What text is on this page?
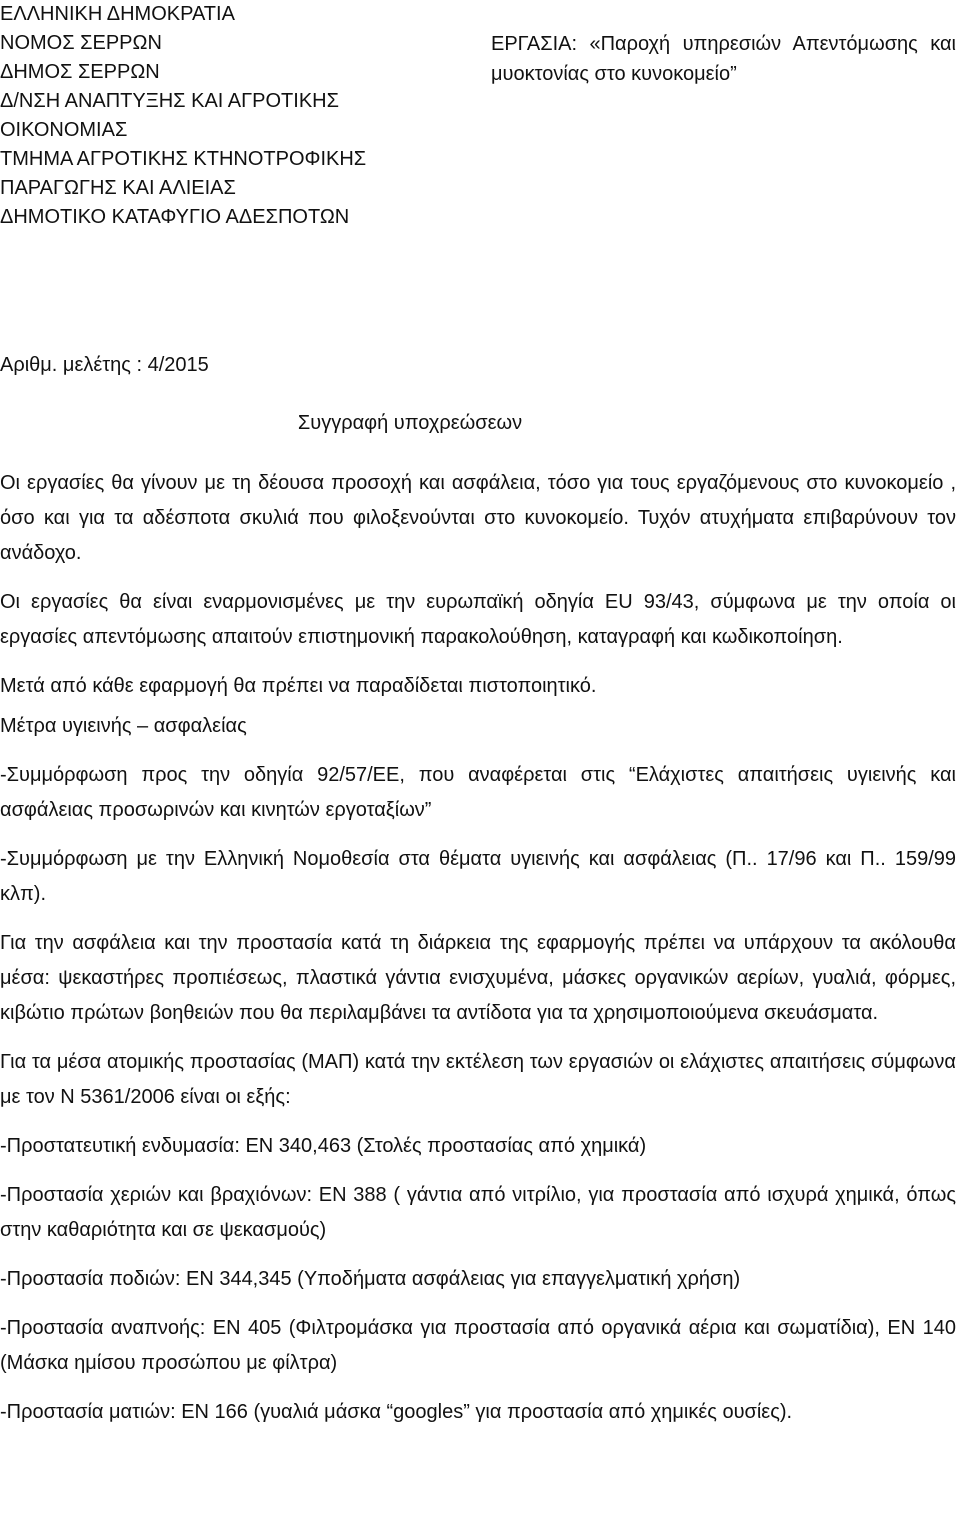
ΕΛΛΗΝΙΚΗ ΔΗΜΟΚΡΑΤΙΑ
ΝΟΜΟΣ ΣΕΡΡΩΝ
ΔΗΜΟΣ ΣΕΡΡΩΝ
Δ/ΝΣΗ ΑΝΑΠΤΥΞΗΣ ΚΑΙ ΑΓΡΟΤΙΚΗΣ
ΟΙΚΟΝΟΜΙΑΣ
ΤΜΗΜΑ ΑΓΡΟΤΙΚΗΣ ΚΤΗΝΟΤΡΟΦΙΚΗΣ
ΠΑΡΑΓΩΓΗΣ ΚΑΙ ΑΛΙΕΙΑΣ
ΔΗΜΟΤΙΚΟ ΚΑΤΑΦΥΓΙΟ ΑΔΕΣΠΟΤΩΝ
ΕΡΓΑΣΙΑ: «Παροχή υπηρεσιών Απεντόμωσης και μυοκτονίας στο κυνοκομείο”
Αριθμ. μελέτης : 4/2015
Συγγραφή υποχρεώσεων

Οι εργασίες θα γίνουν με τη δέουσα προσοχή και ασφάλεια, τόσο για τους εργαζόμενους στο κυνοκομείο , όσο και για τα αδέσποτα σκυλιά που φιλοξενούνται στο κυνοκομείο. Τυχόν ατυχήματα επιβαρύνουν τον ανάδοχο.

Οι εργασίες θα είναι εναρμονισμένες με την ευρωπαϊκή οδηγία EU 93/43, σύμφωνα με την οποία οι εργασίες απεντόμωσης απαιτούν επιστημονική παρακολούθηση, καταγραφή και κωδικοποίηση.

Μετά από κάθε εφαρμογή θα πρέπει να παραδίδεται πιστοποιητικό.

Μέτρα υγιεινής – ασφαλείας

-Συμμόρφωση προς την οδηγία 92/57/ΕΕ, που αναφέρεται στις “Ελάχιστες απαιτήσεις υγιεινής και ασφάλειας προσωρινών και κινητών εργοταξίων”

-Συμμόρφωση με την Ελληνική Νομοθεσία στα θέματα υγιεινής και ασφάλειας (Π.. 17/96 και Π.. 159/99 κλπ).

Για την ασφάλεια και την προστασία κατά τη διάρκεια της εφαρμογής πρέπει να υπάρχουν τα ακόλουθα μέσα: ψεκαστήρες προπιέσεως, πλαστικά γάντια ενισχυμένα, μάσκες οργανικών αερίων, γυαλιά, φόρμες, κιβώτιο πρώτων βοηθειών που θα περιλαμβάνει τα αντίδοτα για τα χρησιμοποιούμενα σκευάσματα.

Για τα μέσα ατομικής προστασίας (ΜΑΠ) κατά την εκτέλεση των εργασιών οι ελάχιστες απαιτήσεις σύμφωνα με τον Ν 5361/2006 είναι οι εξής:

-Προστατευτική ενδυμασία: EN 340,463 (Στολές προστασίας από χημικά)

-Προστασία χεριών και βραχιόνων: EN 388 ( γάντια από νιτρίλιο, για προστασία από ισχυρά χημικά, όπως στην καθαριότητα και σε ψεκασμούς)

-Προστασία ποδιών: EN 344,345 (Υποδήματα ασφάλειας για επαγγελματική χρήση)

-Προστασία αναπνοής: EN 405 (Φιλτρομάσκα για προστασία από οργανικά αέρια και σωματίδια), EN 140 (Μάσκα ημίσου προσώπου με φίλτρα)

-Προστασία ματιών: EN 166 (γυαλιά μάσκα “googles” για προστασία από χημικές ουσίες).
